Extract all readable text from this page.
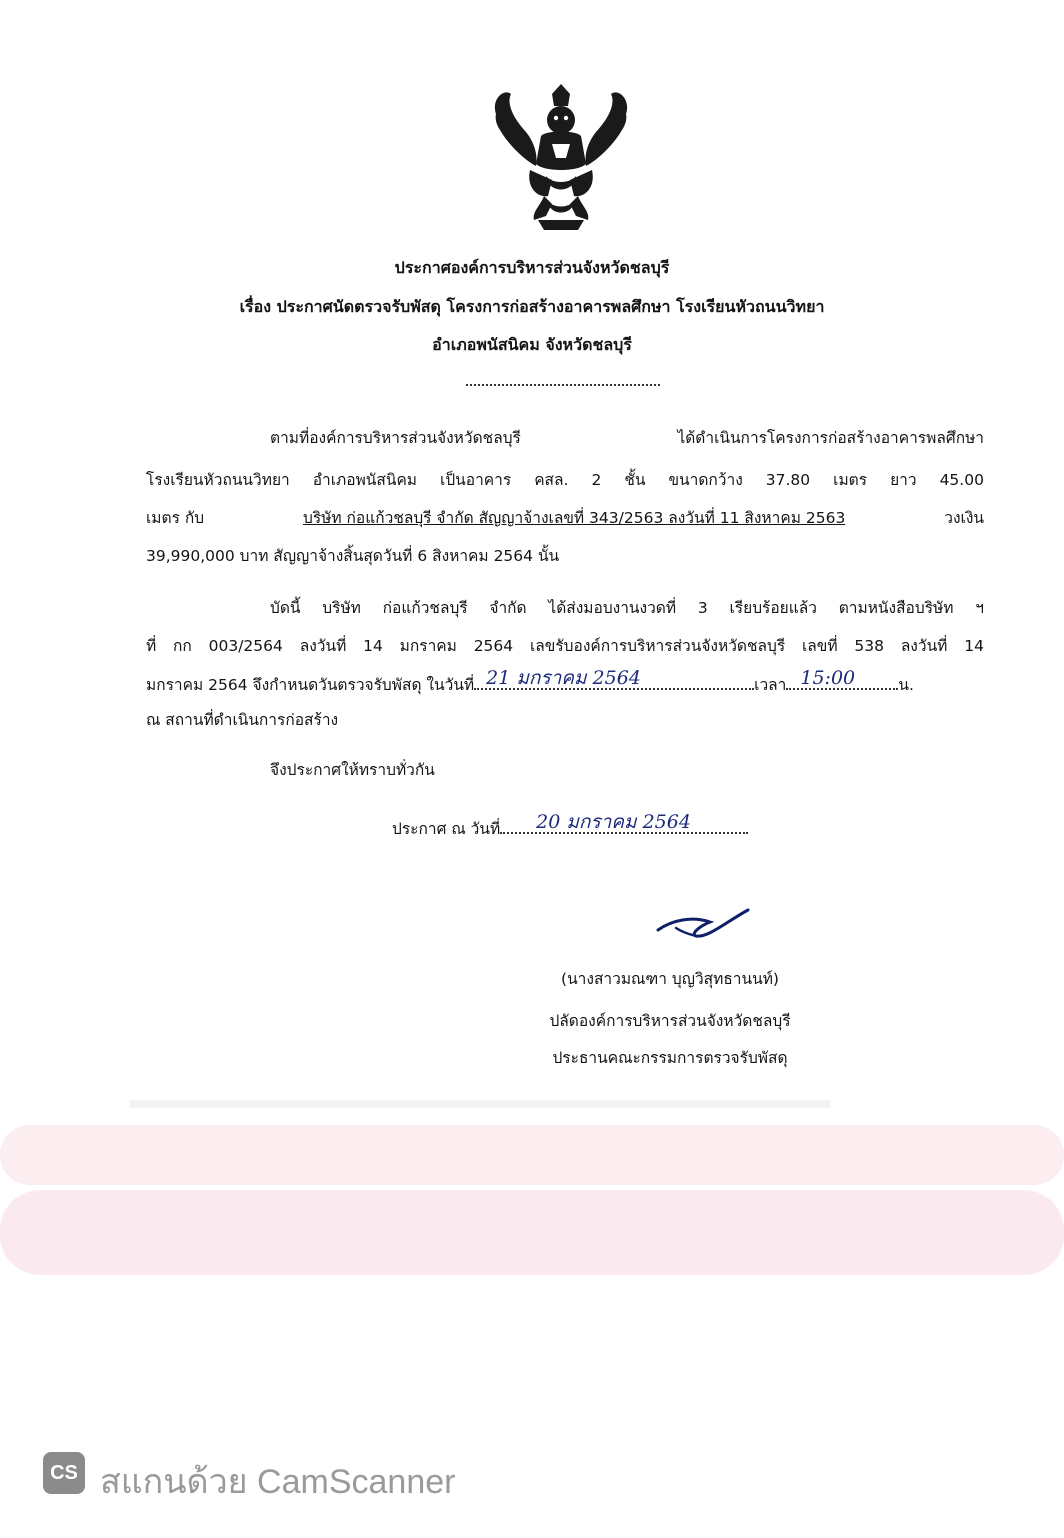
ประกาศองค์การบริหารส่วนจังหวัดชลบุรี
เรื่อง ประกาศนัดตรวจรับพัสดุ โครงการก่อสร้างอาคารพลศึกษา โรงเรียนหัวถนนวิทยา
อำเภอพนัสนิคม จังหวัดชลบุรี
ตามที่องค์การบริหารส่วนจังหวัดชลบุรี	ได้ดำเนินการโครงการก่อสร้างอาคารพลศึกษา
โรงเรียนหัวถนนวิทยา อำเภอพนัสนิคม เป็นอาคาร คสล. 2 ชั้น ขนาดกว้าง 37.80 เมตร ยาว 45.00
เมตร กับ	บริษัท ก่อแก้วชลบุรี จำกัด สัญญาจ้างเลขที่ 343/2563 ลงวันที่ 11 สิงหาคม 2563	วงเงิน
39,990,000 บาท สัญญาจ้างสิ้นสุดวันที่ 6 สิงหาคม 2564 นั้น
บัดนี้ บริษัท ก่อแก้วชลบุรี จำกัด ได้ส่งมอบงานงวดที่ 3 เรียบร้อยแล้ว ตามหนังสือบริษัท ฯ
ที่ กก 003/2564 ลงวันที่ 14 มกราคม 2564 เลขรับองค์การบริหารส่วนจังหวัดชลบุรี เลขที่ 538 ลงวันที่ 14
มกราคม 2564 จึงกำหนดวันตรวจรับพัสดุ ในวันที่ 21 มกราคม 2564	เวลา 15:00	น.
ณ สถานที่ดำเนินการก่อสร้าง
จึงประกาศให้ทราบทั่วกัน
ประกาศ ณ วันที่ 20 มกราคม 2564
(นางสาวมณฑา บุญวิสุทธานนท์)
ปลัดองค์การบริหารส่วนจังหวัดชลบุรี
ประธานคณะกรรมการตรวจรับพัสดุ
CS สแกนด้วย CamScanner
